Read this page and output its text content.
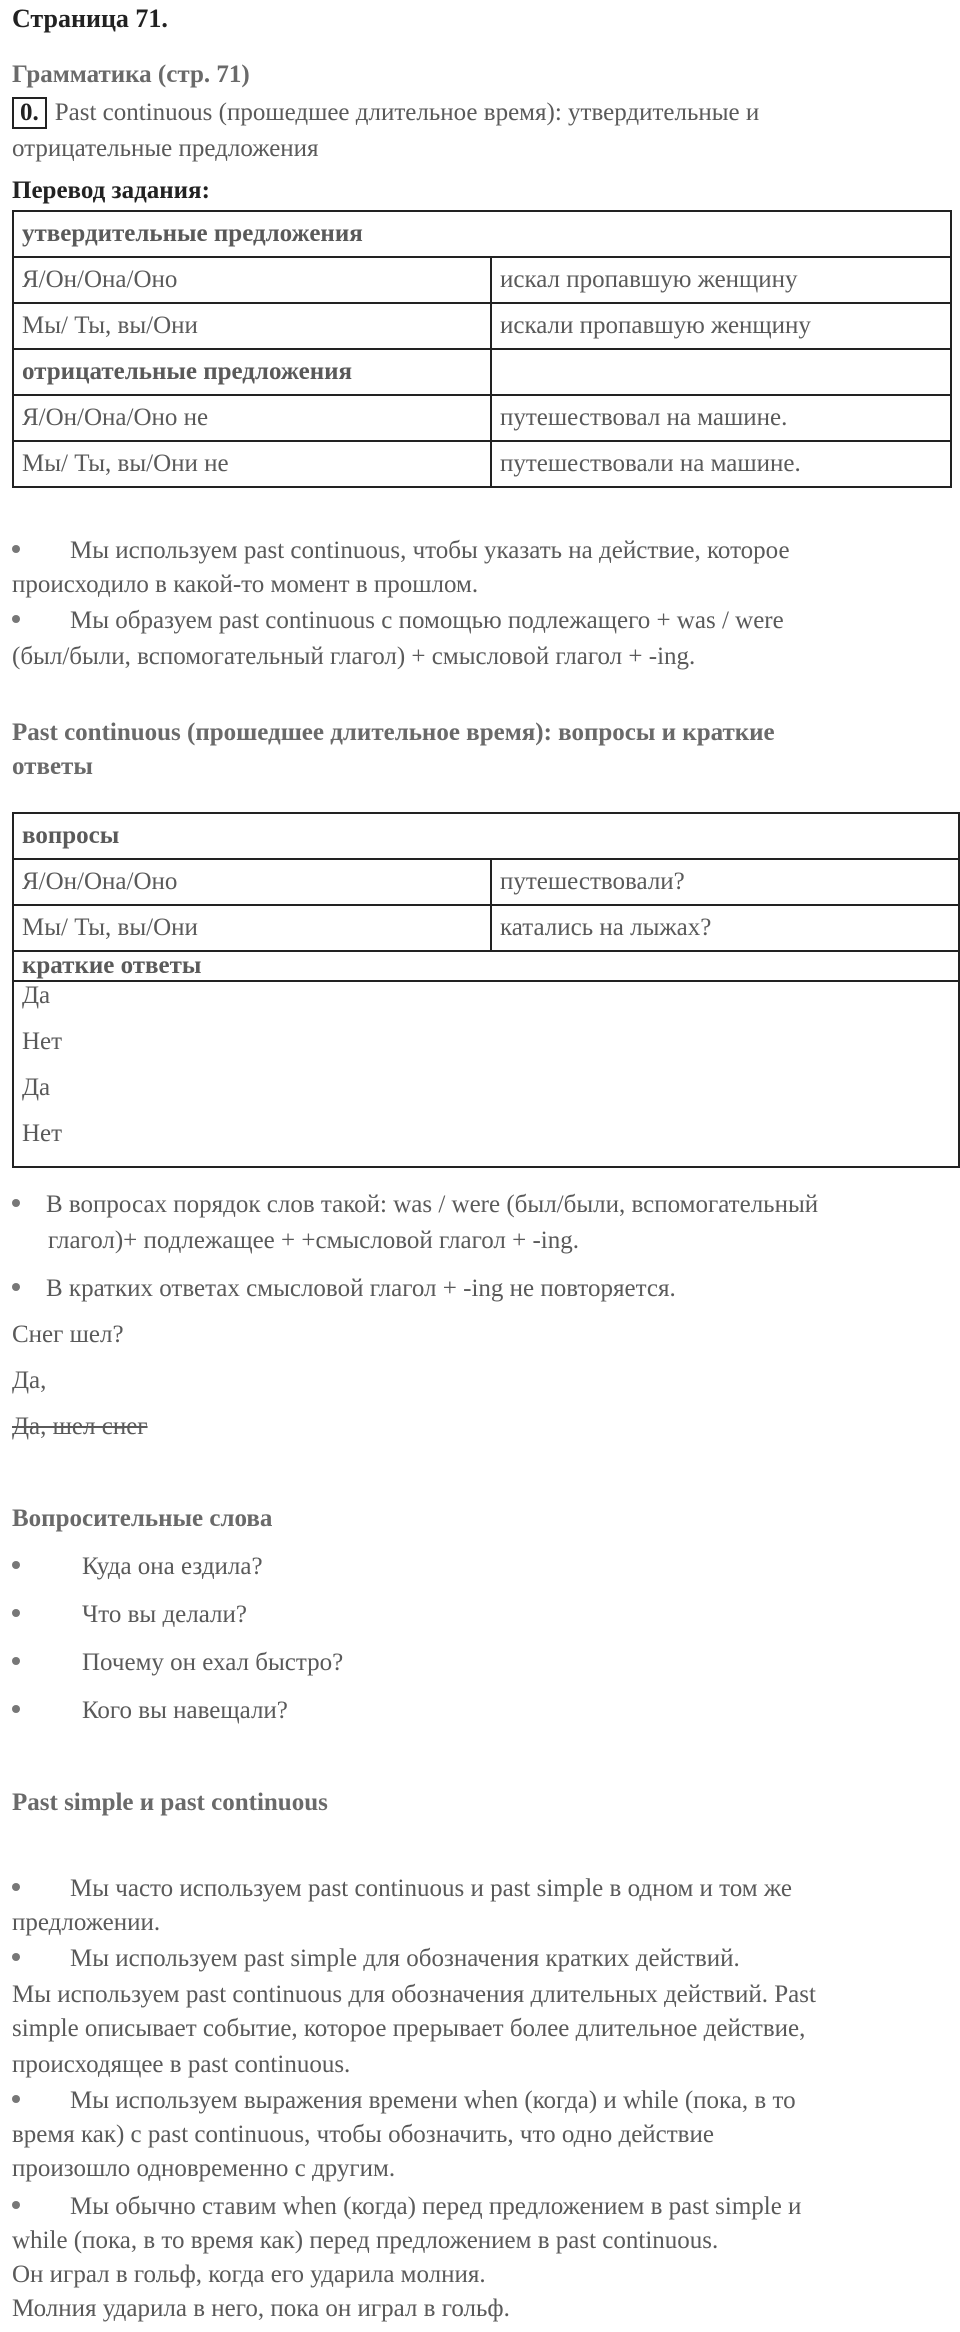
Страница 71.
Грамматика (стр. 71)
0. Past continuous (прошедшее длительное время): утвердительные и
отрицательные предложения
Перевод задания:
утвердительные предложения	
Я/Он/Она/Оно	искал пропавшую женщину
Мы/ Ты, вы/Они	искали пропавшую женщину
отрицательные предложения	
Я/Он/Она/Оно не	путешествовал на машине.
Мы/ Ты, вы/Они не	путешествовали на машине.
Мы используем past continuous, чтобы указать на действие, которое
происходило в какой-то момент в прошлом.
Мы образуем past continuous с помощью подлежащего + was / were
(был/были, вспомогательный глагол) + смысловой глагол + -ing.
Past continuous (прошедшее длительное время): вопросы и краткие
ответы
вопросы	
Я/Он/Она/Оно	путешествовали?
Мы/ Ты, вы/Они	катались на лыжах?
краткие ответы	

Да
Нет
Да
Нет	
В вопросах порядок слов такой: was / were (был/были, вспомогательный
глагол)+ подлежащее + +смысловой глагол + -ing.
В кратких ответах смысловой глагол + -ing не повторяется.
Снег шел?
Да,
Да, шел снег
Вопросительные слова
Куда она ездила?
Что вы делали?
Почему он ехал быстро?
Кого вы навещали?
Past simple и past continuous
Мы часто используем past continuous и past simple в одном и том же
предложении.
Мы используем past simple для обозначения кратких действий.
Мы используем past continuous для обозначения длительных действий. Past
simple описывает событие, которое прерывает более длительное действие,
происходящее в past continuous.
Мы используем выражения времени when (когда) и while (пока, в то
время как) с past continuous, чтобы обозначить, что одно действие
произошло одновременно с другим.
Мы обычно ставим when (когда) перед предложением в past simple и
while (пока, в то время как) перед предложением в past continuous.
Он играл в гольф, когда его ударила молния.
Молния ударила в него, пока он играл в гольф.
